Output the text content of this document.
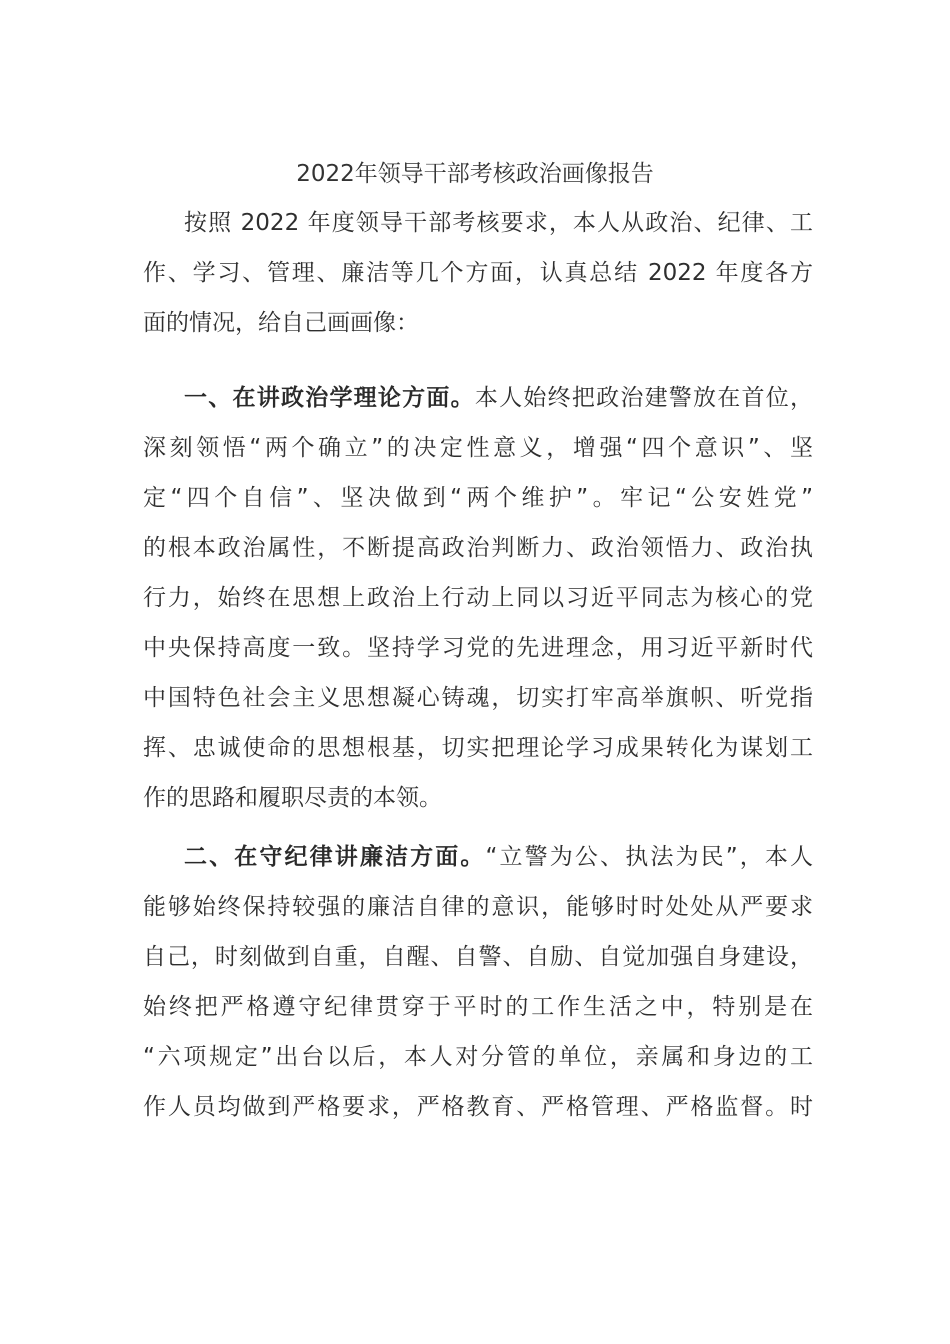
2022年领导干部考核政治画像报告
按照 2022 年度领导干部考核要求，本人从政治、纪律、工
作、学习、管理、廉洁等几个方面，认真总结 2022 年度各方
面的情况，给自己画画像：
一、在讲政治学理论方面。本人始终把政治建警放在首位，
深刻领悟“两个确立”的决定性意义，增强“四个意识”、坚
定“四个自信”、坚决做到“两个维护”。牢记“公安姓党”
的根本政治属性，不断提高政治判断力、政治领悟力、政治执
行力，始终在思想上政治上行动上同以习近平同志为核心的党
中央保持高度一致。坚持学习党的先进理念，用习近平新时代
中国特色社会主义思想凝心铸魂，切实打牢高举旗帜、听党指
挥、忠诚使命的思想根基，切实把理论学习成果转化为谋划工
作的思路和履职尽责的本领。
二、在守纪律讲廉洁方面。“立警为公、执法为民”，本人
能够始终保持较强的廉洁自律的意识，能够时时处处从严要求
自己，时刻做到自重，自醒、自警、自励、自觉加强自身建设，
始终把严格遵守纪律贯穿于平时的工作生活之中，特别是在
“六项规定”出台以后，本人对分管的单位，亲属和身边的工
作人员均做到严格要求，严格教育、严格管理、严格监督。时
